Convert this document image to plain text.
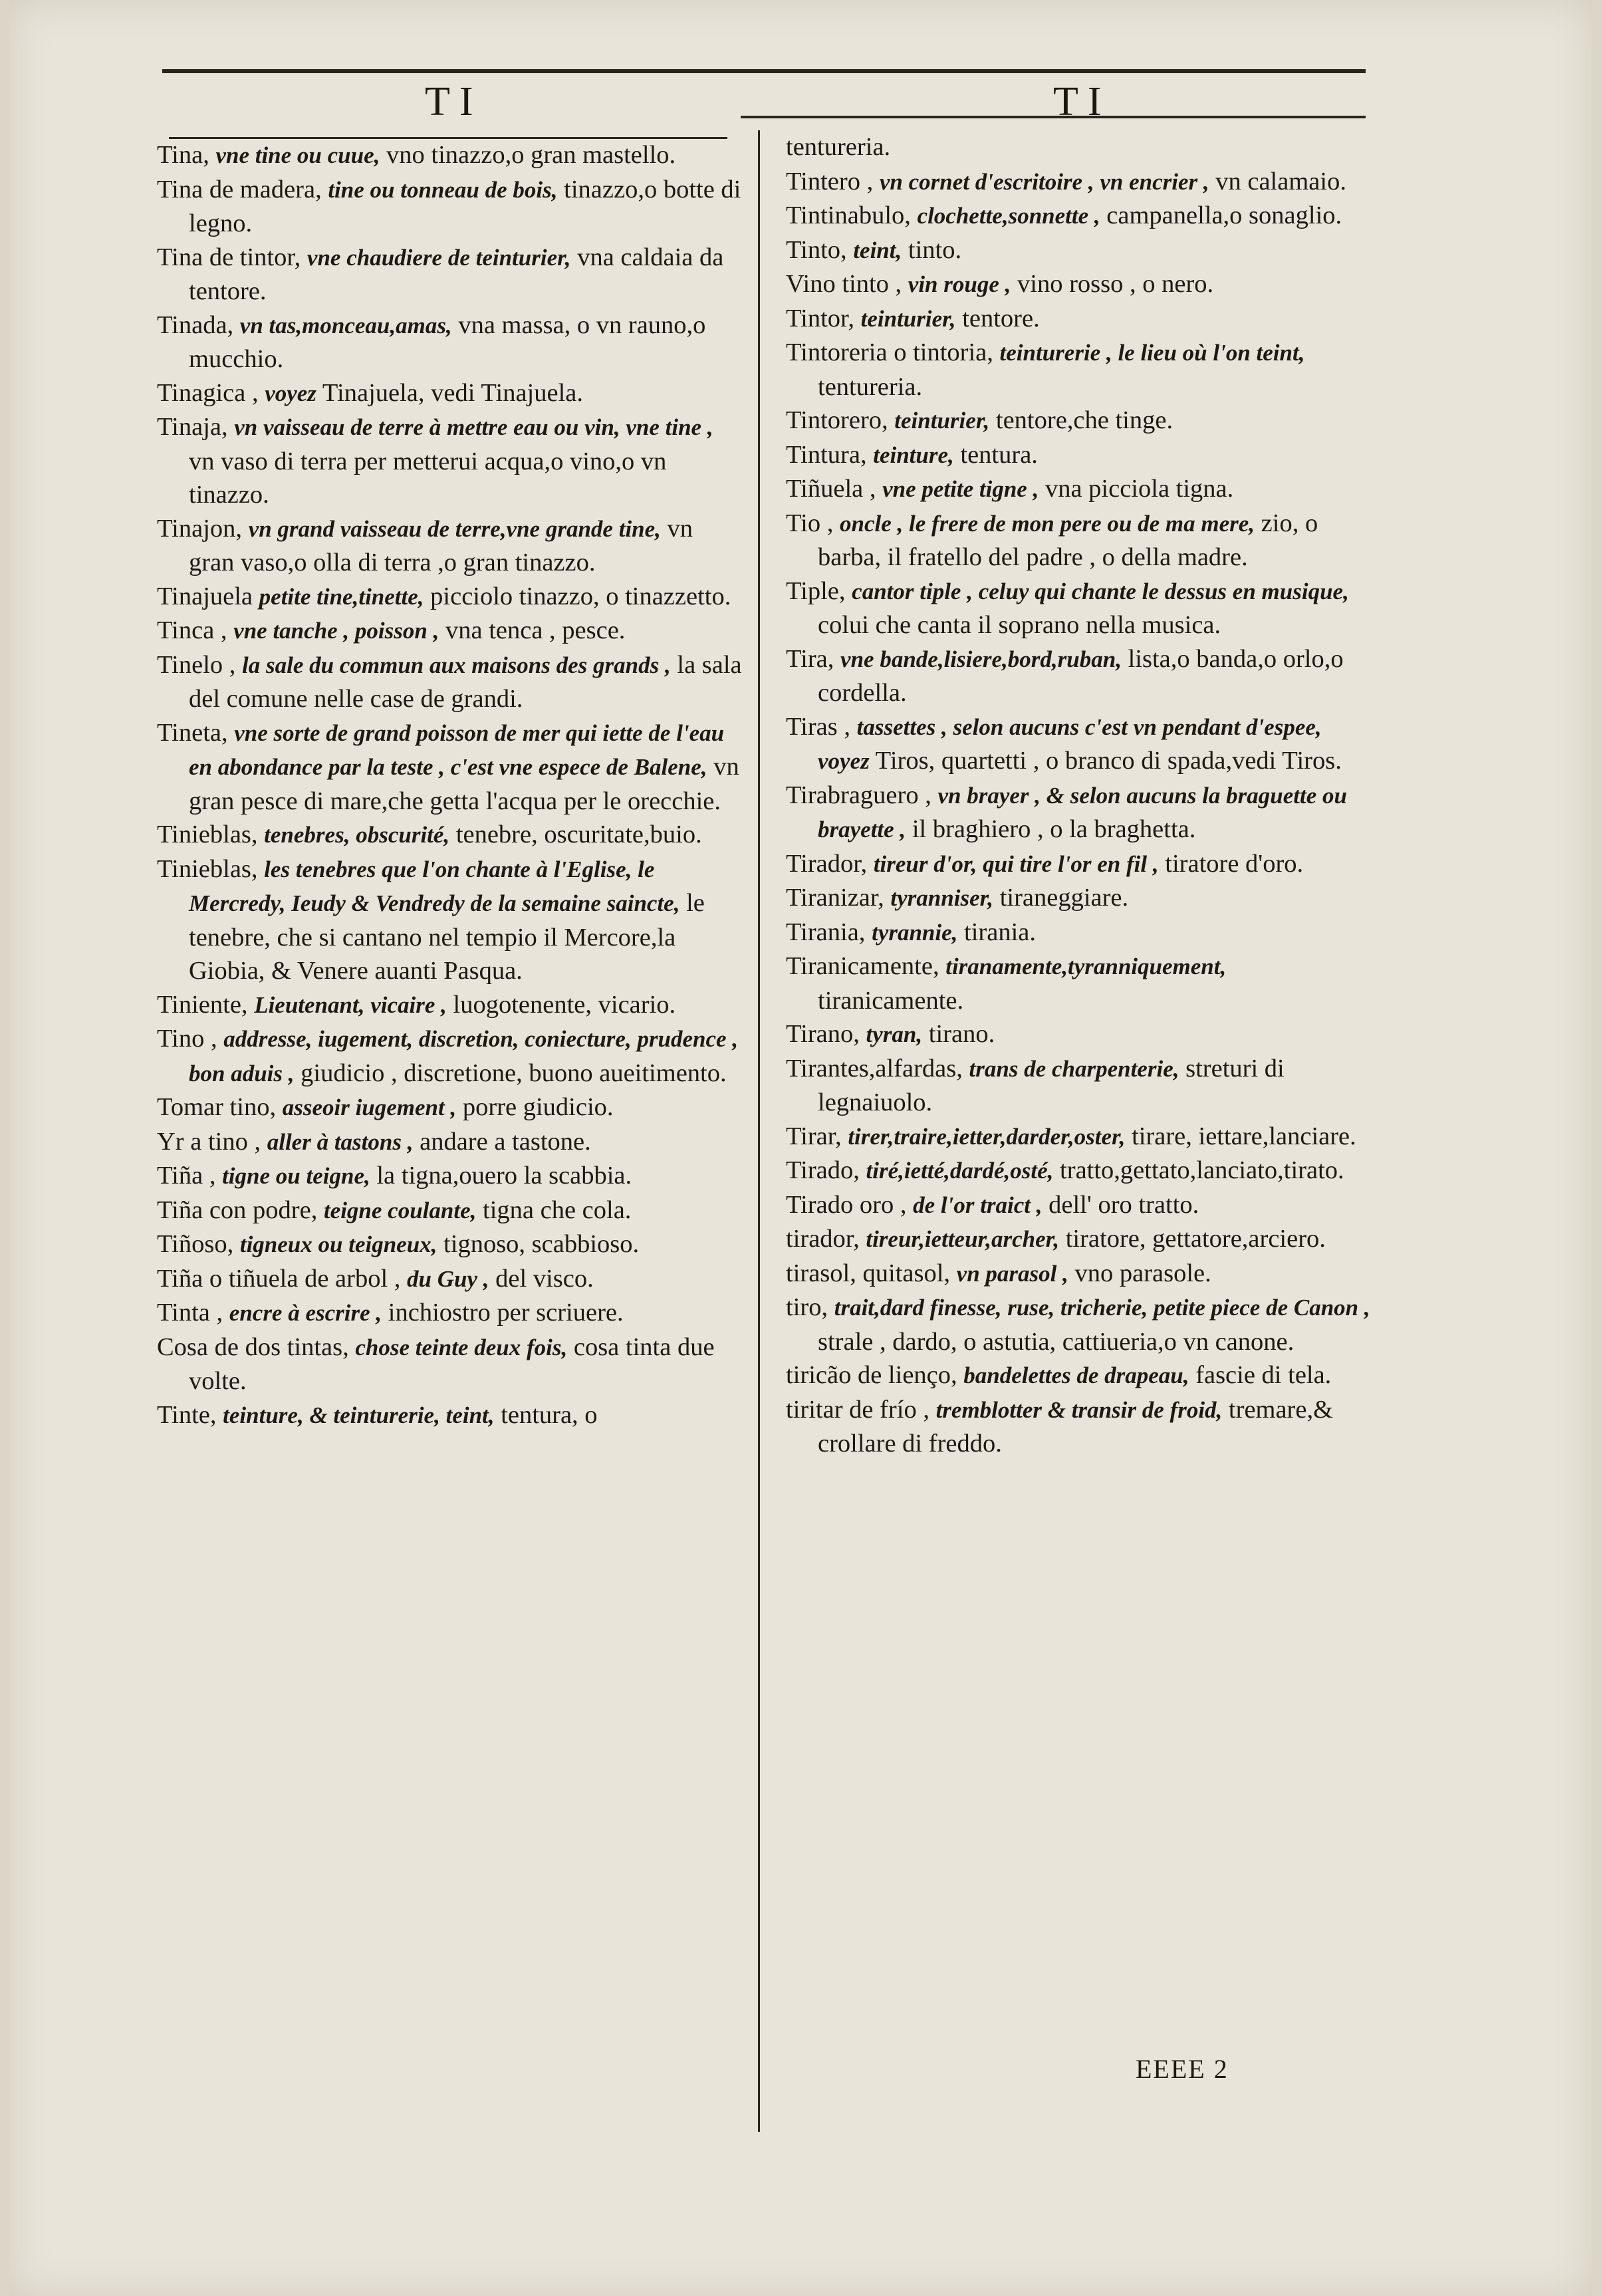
TI	TI

Tina, vne tine ou cuue, vno tinazzo,o gran mastello.

Tina de madera, tine ou tonneau de bois, tinazzo,o botte di legno.

Tina de tintor, vne chaudiere de teinturier, vna caldaia da tentore.

Tinada, vn tas,monceau,amas, vna massa, o vn rauno,o mucchio.

Tinagica , voyez Tinajuela, vedi Tinajuela.

Tinaja, vn vaisseau de terre à mettre eau ou vin, vne tine , vn vaso di terra per metterui acqua,o vino,o vn tinazzo.

Tinajon, vn grand vaisseau de terre,vne grande tine, vn gran vaso,o olla di terra ,o gran tinazzo.

Tinajuela petite tine,tinette, picciolo tinazzo, o tinazzetto.

Tinca , vne tanche , poisson , vna tenca , pesce.

Tinelo , la sale du commun aux maisons des grands , la sala del comune nelle case de grandi.

Tineta, vne sorte de grand poisson de mer qui iette de l'eau en abondance par la teste , c'est vne espece de Balene, vn gran pesce di mare,che getta l'acqua per le orecchie.

Tinieblas, tenebres, obscurité, tenebre, oscuritate,buio.

Tinieblas, les tenebres que l'on chante à l'Eglise, le Mercredy, Ieudy & Vendredy de la semaine saincte, le tenebre, che si cantano nel tempio il Mercore,la Giobia, & Venere auanti Pasqua.

Tiniente, Lieutenant, vicaire , luogotenente, vicario.

Tino , addresse, iugement, discretion, coniecture, prudence , bon aduis , giudicio , discretione, buono aueitimento.

Tomar tino, asseoir iugement , porre giudicio.

Yr a tino , aller à tastons , andare a tastone.

Tiña , tigne ou teigne, la tigna,ouero la scabbia.

Tiña con podre, teigne coulante, tigna che cola.

Tiñoso, tigneux ou teigneux, tignoso, scabbioso.

Tiña o tiñuela de arbol , du Guy , del visco.

Tinta , encre à escrire , inchiostro per scriuere.

Cosa de dos tintas, chose teinte deux fois, cosa tinta due volte.

Tinte, teinture, & teinturerie, teint, tentura, o

tentureria.

Tintero , vn cornet d'escritoire , vn encrier , vn calamaio.

Tintinabulo, clochette,sonnette , campanella,o sonaglio.

Tinto, teint, tinto.

Vino tinto , vin rouge , vino rosso , o nero.

Tintor, teinturier, tentore.

Tintoreria o tintoria, teinturerie , le lieu où l'on teint, tentureria.

Tintorero, teinturier, tentore,che tinge.

Tintura, teinture, tentura.

Tiñuela , vne petite tigne , vna picciola tigna.

Tio , oncle , le frere de mon pere ou de ma mere, zio, o barba, il fratello del padre , o della madre.

Tiple, cantor tiple , celuy qui chante le dessus en musique, colui che canta il soprano nella musica.

Tira, vne bande,lisiere,bord,ruban, lista,o banda,o orlo,o cordella.

Tiras , tassettes , selon aucuns c'est vn pendant d'espee, voyez Tiros, quartetti , o branco di spada,vedi Tiros.

Tirabraguero , vn brayer , & selon aucuns la braguette ou brayette , il braghiero , o la braghetta.

Tirador, tireur d'or, qui tire l'or en fil , tiratore d'oro.

Tiranizar, tyranniser, tiraneggiare.

Tirania, tyrannie, tirania.

Tiranicamente, tiranamente,tyranniquement, tiranicamente.

Tirano, tyran, tirano.

Tirantes,alfardas, trans de charpenterie, streturi di legnaiuolo.

Tirar, tirer,traire,ietter,darder,oster, tirare, iettare,lanciare.

Tirado, tiré,ietté,dardé,osté, tratto,gettato,lanciato,tirato.

Tirado oro , de l'or traict , dell' oro tratto.

tirador, tireur,ietteur,archer, tiratore, gettatore,arciero.

tirasol, quitasol, vn parasol , vno parasole.

tiro, trait,dard finesse, ruse, tricherie, petite piece de Canon , strale , dardo, o astutia, cattiueria,o vn canone.

tiricão de lienço, bandelettes de drapeau, fascie di tela.

tiritar de frío , tremblotter & transir de froid, tremare,& crollare di freddo.

EEEE 2
